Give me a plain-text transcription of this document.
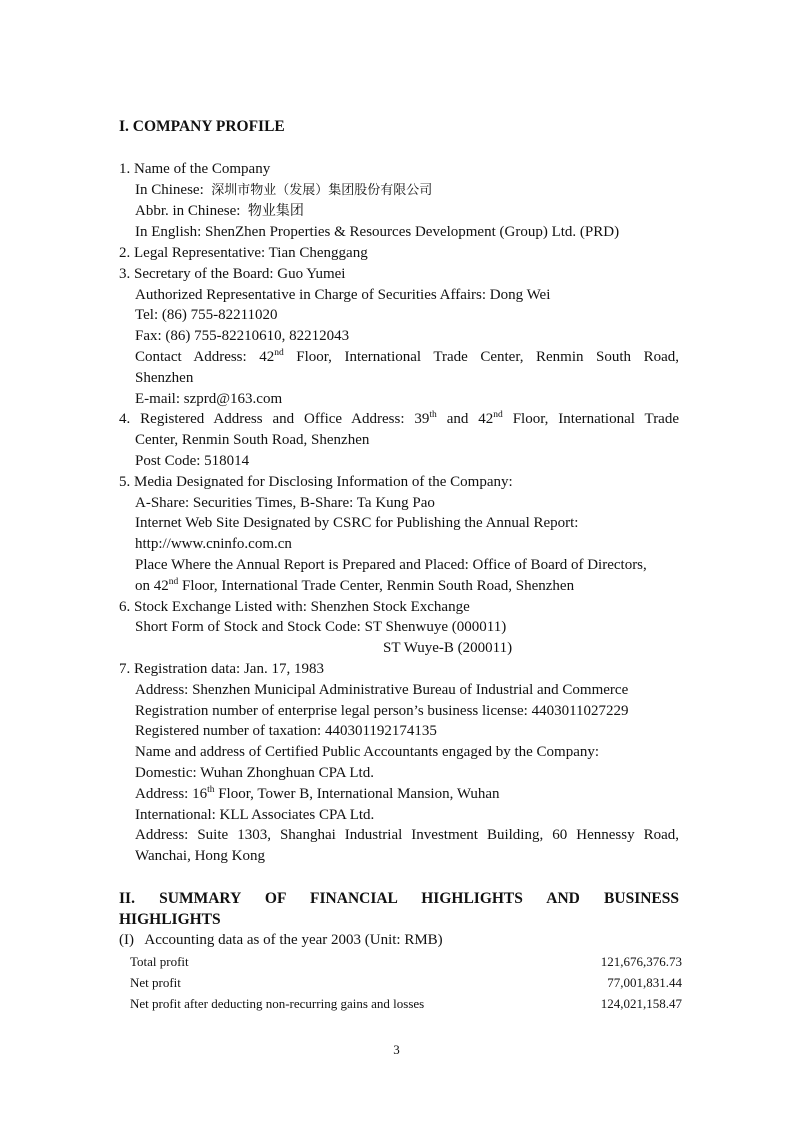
I. COMPANY PROFILE
1. Name of the Company
In Chinese: 深圳市物业（发展）集团股份有限公司
Abbr. in Chinese: 物业集团
In English: ShenZhen Properties & Resources Development (Group) Ltd. (PRD)
2. Legal Representative: Tian Chenggang
3. Secretary of the Board: Guo Yumei
Authorized Representative in Charge of Securities Affairs: Dong Wei
Tel: (86) 755-82211020
Fax: (86) 755-82210610, 82212043
Contact Address: 42nd Floor, International Trade Center, Renmin South Road,
Shenzhen
E-mail: szprd@163.com
4. Registered Address and Office Address: 39th and 42nd Floor, International Trade
Center, Renmin South Road, Shenzhen
Post Code: 518014
5. Media Designated for Disclosing Information of the Company:
A-Share: Securities Times, B-Share: Ta Kung Pao
Internet Web Site Designated by CSRC for Publishing the Annual Report:
http://www.cninfo.com.cn
Place Where the Annual Report is Prepared and Placed: Office of Board of Directors,
on 42nd Floor, International Trade Center, Renmin South Road, Shenzhen
6. Stock Exchange Listed with: Shenzhen Stock Exchange
Short Form of Stock and Stock Code: ST Shenwuye (000011)
ST Wuye-B (200011)
7. Registration data: Jan. 17, 1983
Address: Shenzhen Municipal Administrative Bureau of Industrial and Commerce
Registration number of enterprise legal person’s business license: 4403011027229
Registered number of taxation: 440301192174135
Name and address of Certified Public Accountants engaged by the Company:
Domestic: Wuhan Zhonghuan CPA Ltd.
Address: 16th Floor, Tower B, International Mansion, Wuhan
International: KLL Associates CPA Ltd.
Address: Suite 1303, Shanghai Industrial Investment Building, 60 Hennessy Road,
Wanchai, Hong Kong
II. SUMMARY OF FINANCIAL HIGHLIGHTS AND BUSINESS
HIGHLIGHTS
(I)   Accounting data as of the year 2003 (Unit: RMB)
Total profit	121,676,376.73
Net profit	77,001,831.44
Net profit after deducting non-recurring gains and losses	124,021,158.47
3
